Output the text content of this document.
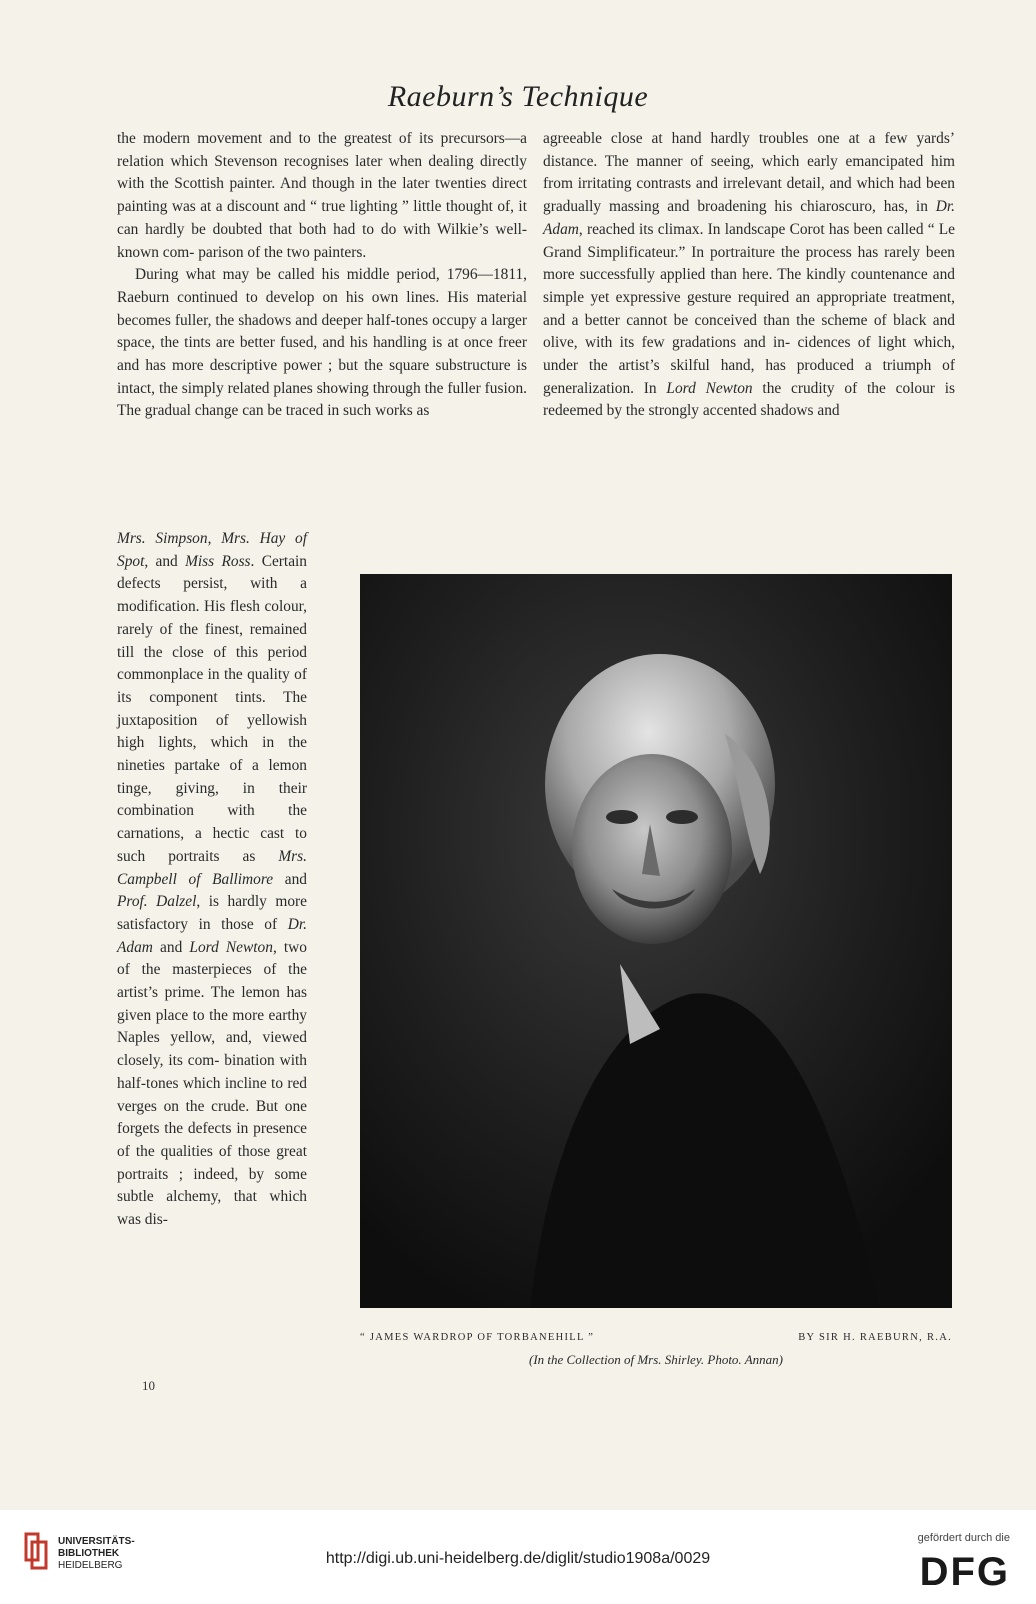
Raeburn’s Technique

the modern movement and to the greatest of its precursors—a relation which Stevenson recognises later when dealing directly with the Scottish painter. And though in the later twenties direct painting was at a discount and “ true lighting ” little thought of, it can hardly be doubted that both had to do with Wilkie’s well-known com- parison of the two painters.

During what may be called his middle period, 1796—1811, Raeburn continued to develop on his own lines. His material becomes fuller, the shadows and deeper half-tones occupy a larger space, the tints are better fused, and his handling is at once freer and has more descriptive power ; but the square substructure is intact, the simply related planes showing through the fuller fusion. The gradual change can be traced in such works as

Mrs. Simpson, Mrs. Hay of Spot, and Miss Ross. Certain defects persist, with a modification. His flesh colour, rarely of the finest, remained till the close of this period commonplace in the quality of its component tints. The juxtaposition of yellowish high lights, which in the nineties partake of a lemon tinge, giving, in their combination with the carnations, a hectic cast to such portraits as Mrs. Campbell of Ballimore and Prof. Dalzel, is hardly more satisfactory in those of Dr. Adam and Lord Newton, two of the masterpieces of the artist’s prime. The lemon has given place to the more earthy Naples yellow, and, viewed closely, its com- bination with half-tones which incline to red verges on the crude. But one forgets the defects in presence of the qualities of those great portraits ; indeed, by some subtle alchemy, that which was dis-

agreeable close at hand hardly troubles one at a few yards’ distance. The manner of seeing, which early emancipated him from irritating contrasts and irrelevant detail, and which had been gradually massing and broadening his chiaroscuro, has, in Dr. Adam, reached its climax. In landscape Corot has been called “ Le Grand Simplificateur.” In portraiture the process has rarely been more successfully applied than here. The kindly countenance and simple yet expressive gesture required an appropriate treatment, and a better cannot be conceived than the scheme of black and olive, with its few gradations and in- cidences of light which, under the artist’s skilful hand, has produced a triumph of generalization. In Lord Newton the crudity of the colour is redeemed by the strongly accented shadows and

“ JAMES WARDROP OF TORBANEHILL ”	BY SIR H. RAEBURN, R.A.
(In the Collection of Mrs. Shirley. Photo. Annan)
10
UNIVERSITÄTS-
BIBLIOTHEK
HEIDELBERG	http://digi.ub.uni-heidelberg.de/diglit/studio1908a/0029
gefördert durch die
DFG
